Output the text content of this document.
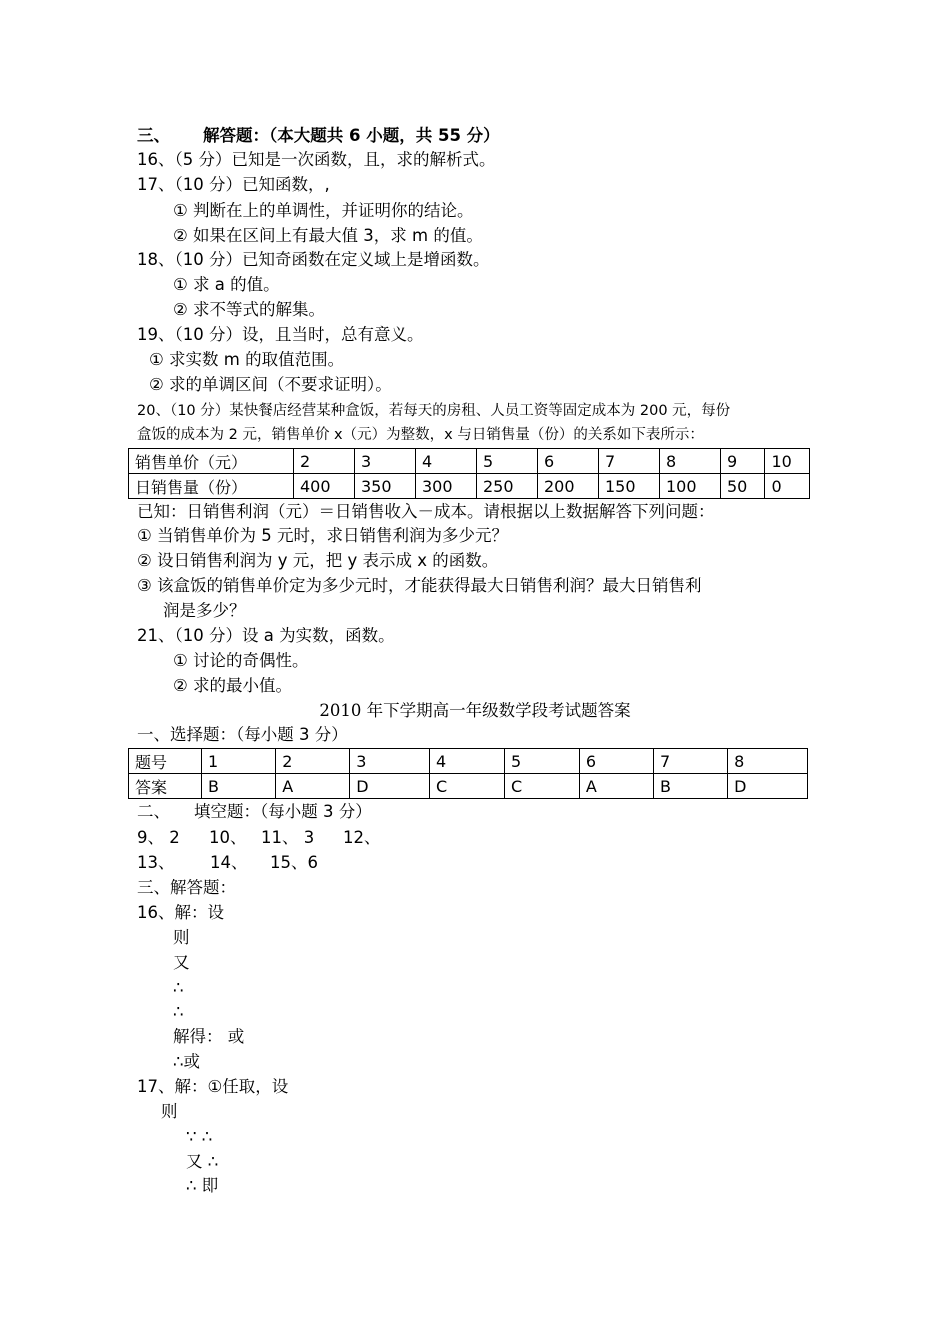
三、 解答题：（本大题共 6 小题，共 55 分）
16、（5 分）已知是一次函数，且，求的解析式。
17、（10 分）已知函数，,
① 判断在上的单调性，并证明你的结论。
② 如果在区间上有最大值 3，求 m 的值。
18、（10 分）已知奇函数在定义域上是增函数。
① 求 a 的值。
② 求不等式的解集。
19、（10 分）设，且当时，总有意义。
① 求实数 m 的取值范围。
② 求的单调区间（不要求证明）。
20、（10 分）某快餐店经营某种盒饭，若每天的房租、人员工资等固定成本为 200 元，每份
盒饭的成本为 2 元，销售单价 x（元）为整数，x 与日销售量（份）的关系如下表所示：
销售单价（元）	2	3	4	5	6	7	8	9	10
日销售量（份）	400	350	300	250	200	150	100	50	0
已知：日销售利润（元）＝日销售收入－成本。请根据以上数据解答下列问题：
① 当销售单价为 5 元时，求日销售利润为多少元？
② 设日销售利润为 y 元，把 y 表示成 x 的函数。
③ 该盒饭的销售单价定为多少元时，才能获得最大日销售利润？最大日销售利
润是多少？
21、（10 分）设 a 为实数，函数。
① 讨论的奇偶性。
② 求的最小值。
2010 年下学期高一年级数学段考试题答案
一、选择题：（每小题 3 分）
题号	1	2	3	4	5	6	7	8
答案	B	A	D	C	C	A	B	D
二、 填空题：（每小题 3 分）
9、 2 10、 11、 3 12、
13、 14、 15、6
三、解答题：
16、解：设
则
又
∴
∴
解得： 或
∴或
17、解：①任取，设
则
∵ ∴
又 ∴
∴ 即
